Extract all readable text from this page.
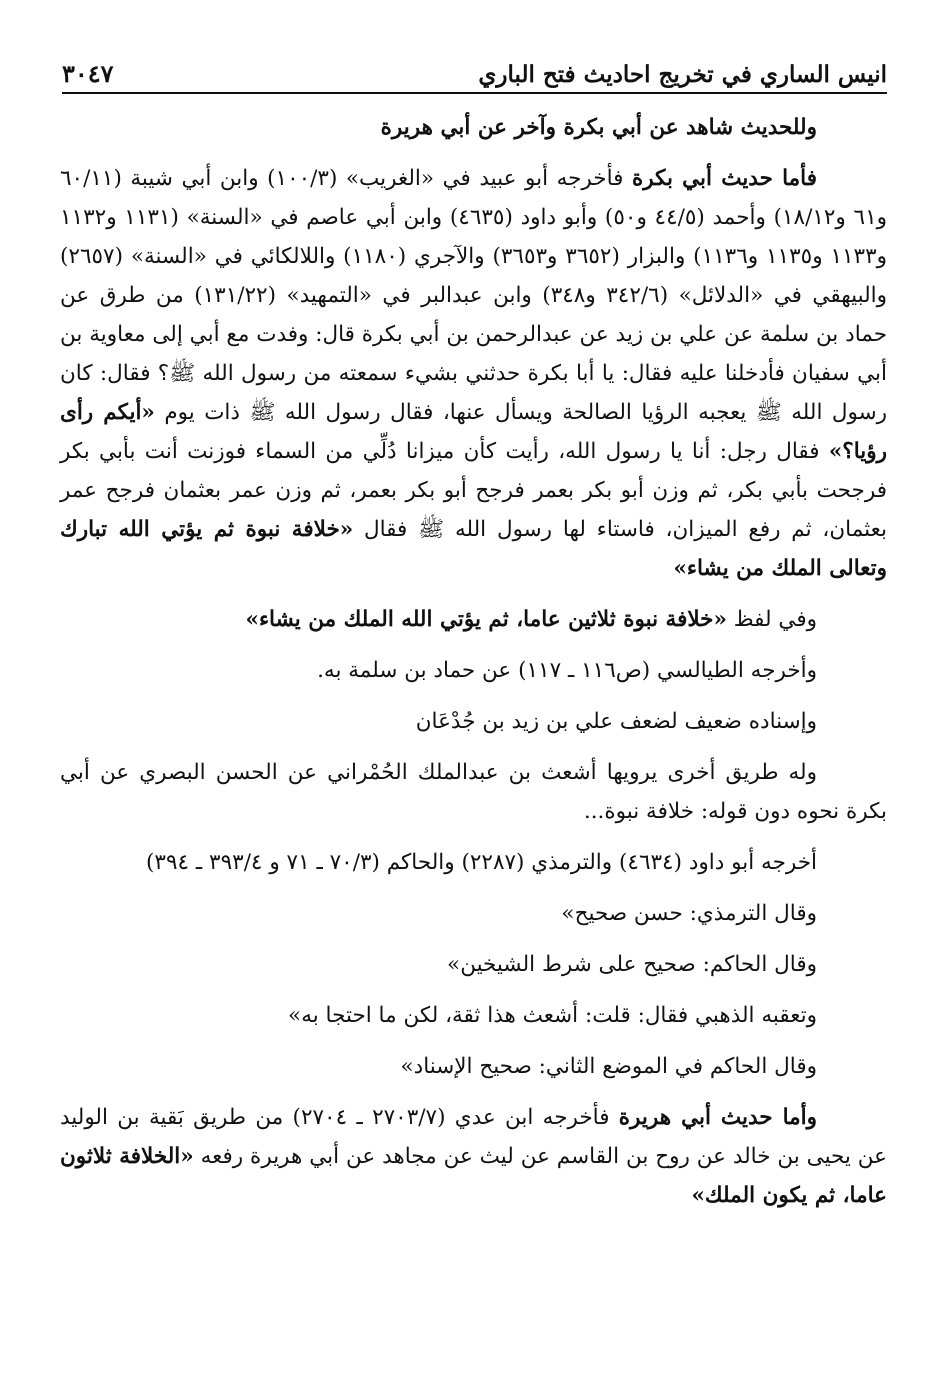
انيس الساري في تخريج احاديث فتح الباري
٣٠٤٧

وللحديث شاهد عن أبي بكرة وآخر عن أبي هريرة

فأما حديث أبي بكرة فأخرجه أبو عبيد في «الغريب» (١٠٠/٣) وابن أبي شيبة (٦٠/١١ و٦١ و١٨/١٢) وأحمد (٤٤/٥ و٥٠) وأبو داود (٤٦٣٥) وابن أبي عاصم في «السنة» (١١٣١ و١١٣٢ و١١٣٣ و١١٣٥ و١١٣٦) والبزار (٣٦٥٢ و٣٦٥٣) والآجري (١١٨٠) واللالكائي في «السنة» (٢٦٥٧) والبيهقي في «الدلائل» (٣٤٢/٦ و٣٤٨) وابن عبدالبر في «التمهيد» (١٣١/٢٢) من طرق عن حماد بن سلمة عن علي بن زيد عن عبدالرحمن بن أبي بكرة قال: وفدت مع أبي إلى معاوية بن أبي سفيان فأدخلنا عليه فقال: يا أبا بكرة حدثني بشيء سمعته من رسول الله ﷺ؟ فقال: كان رسول الله ﷺ يعجبه الرؤيا الصالحة ويسأل عنها، فقال رسول الله ﷺ ذات يوم «أيكم رأى رؤيا؟» فقال رجل: أنا يا رسول الله، رأيت كأن ميزانا دُلِّي من السماء فوزنت أنت بأبي بكر فرجحت بأبي بكر، ثم وزن أبو بكر بعمر فرجح أبو بكر بعمر، ثم وزن عمر بعثمان فرجح عمر بعثمان، ثم رفع الميزان، فاستاء لها رسول الله ﷺ فقال «خلافة نبوة ثم يؤتي الله تبارك وتعالى الملك من يشاء»

وفي لفظ «خلافة نبوة ثلاثين عاما، ثم يؤتي الله الملك من يشاء»

وأخرجه الطيالسي (ص١١٦ ـ ١١٧) عن حماد بن سلمة به.

وإسناده ضعيف لضعف علي بن زيد بن جُدْعَان

وله طريق أخرى يرويها أشعث بن عبدالملك الحُمْراني عن الحسن البصري عن أبي بكرة نحوه دون قوله: خلافة نبوة...

أخرجه أبو داود (٤٦٣٤) والترمذي (٢٢٨٧) والحاكم (٧٠/٣ ـ ٧١ و ٣٩٣/٤ ـ ٣٩٤)

وقال الترمذي: حسن صحيح»

وقال الحاكم: صحيح على شرط الشيخين»

وتعقبه الذهبي فقال: قلت: أشعث هذا ثقة، لكن ما احتجا به»

وقال الحاكم في الموضع الثاني: صحيح الإسناد»

وأما حديث أبي هريرة فأخرجه ابن عدي (٢٧٠٣/٧ ـ ٢٧٠٤) من طريق بَقية بن الوليد عن يحيى بن خالد عن روح بن القاسم عن ليث عن مجاهد عن أبي هريرة رفعه «الخلافة ثلاثون عاما، ثم يكون الملك»
